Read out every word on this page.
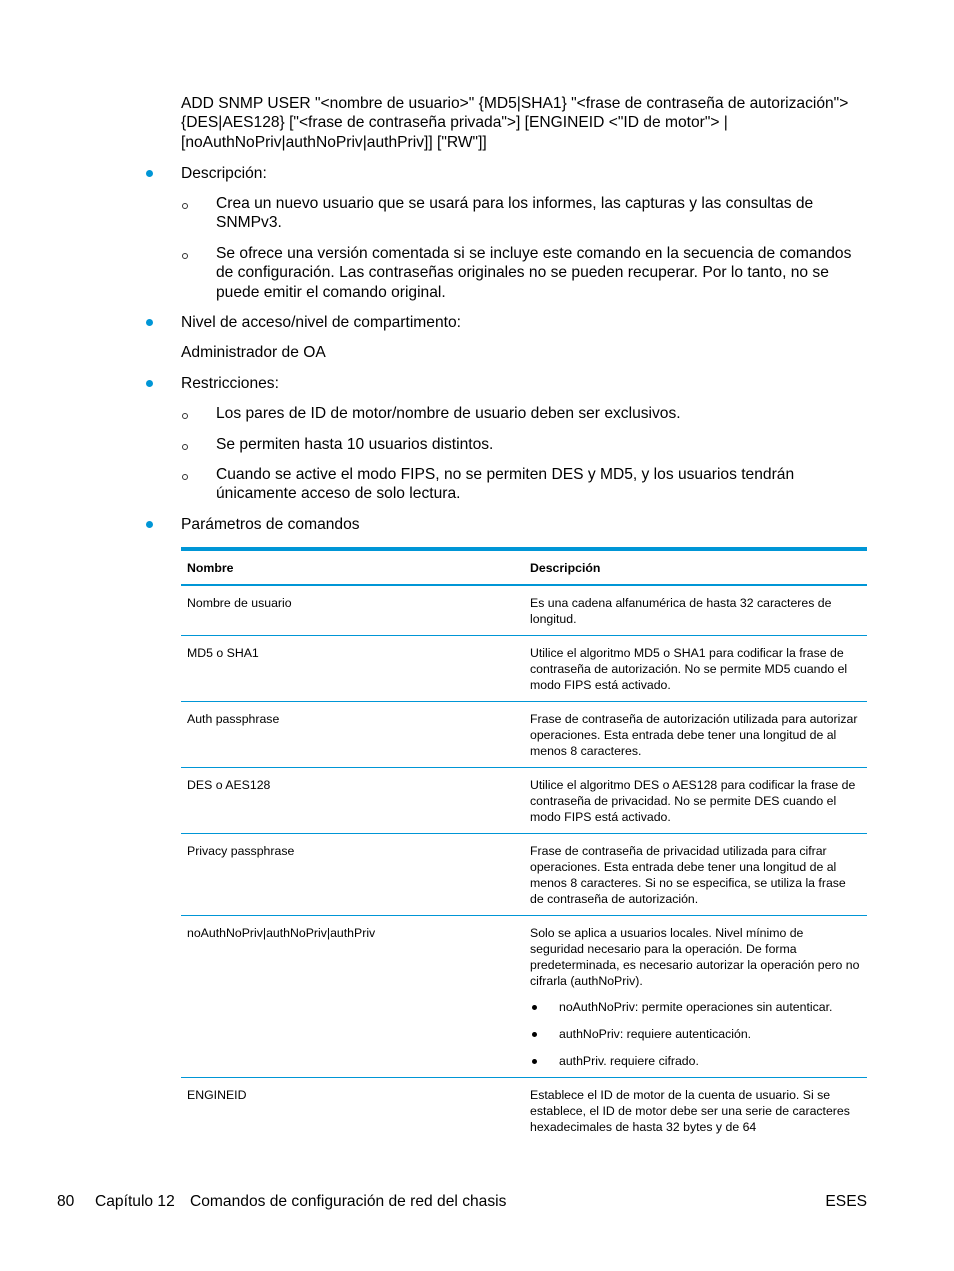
ADD SNMP USER "<nombre de usuario>" {MD5|SHA1} "<frase de contraseña de autorización"> {DES|AES128} ["<frase de contraseña privada">] [ENGINEID <"ID de motor"> | [noAuthNoPriv|authNoPriv|authPriv]] ["RW"]]
Descripción:
Crea un nuevo usuario que se usará para los informes, las capturas y las consultas de SNMPv3.
Se ofrece una versión comentada si se incluye este comando en la secuencia de comandos de configuración. Las contraseñas originales no se pueden recuperar. Por lo tanto, no se puede emitir el comando original.
Nivel de acceso/nivel de compartimento:
Administrador de OA
Restricciones:
Los pares de ID de motor/nombre de usuario deben ser exclusivos.
Se permiten hasta 10 usuarios distintos.
Cuando se active el modo FIPS, no se permiten DES y MD5, y los usuarios tendrán únicamente acceso de solo lectura.
Parámetros de comandos
Nombre	Descripción
Nombre de usuario	Es una cadena alfanumérica de hasta 32 caracteres de longitud.
MD5 o SHA1	Utilice el algoritmo MD5 o SHA1 para codificar la frase de contraseña de autorización. No se permite MD5 cuando el modo FIPS está activado.
Auth passphrase	Frase de contraseña de autorización utilizada para autorizar operaciones. Esta entrada debe tener una longitud de al menos 8 caracteres.
DES o AES128	Utilice el algoritmo DES o AES128 para codificar la frase de contraseña de privacidad. No se permite DES cuando el modo FIPS está activado.
Privacy passphrase	Frase de contraseña de privacidad utilizada para cifrar operaciones. Esta entrada debe tener una longitud de al menos 8 caracteres. Si no se especifica, se utiliza la frase de contraseña de autorización.
noAuthNoPriv|authNoPriv|authPriv	Solo se aplica a usuarios locales. Nivel mínimo de seguridad necesario para la operación. De forma predeterminada, es necesario autorizar la operación pero no cifrarla (authNoPriv).
noAuthNoPriv: permite operaciones sin autenticar.
authNoPriv: requiere autenticación.
authPriv. requiere cifrado.
ENGINEID	Establece el ID de motor de la cuenta de usuario. Si se establece, el ID de motor debe ser una serie de caracteres hexadecimales de hasta 32 bytes y de 64
80 Capítulo 12 Comandos de configuración de red del chasis	ESES
